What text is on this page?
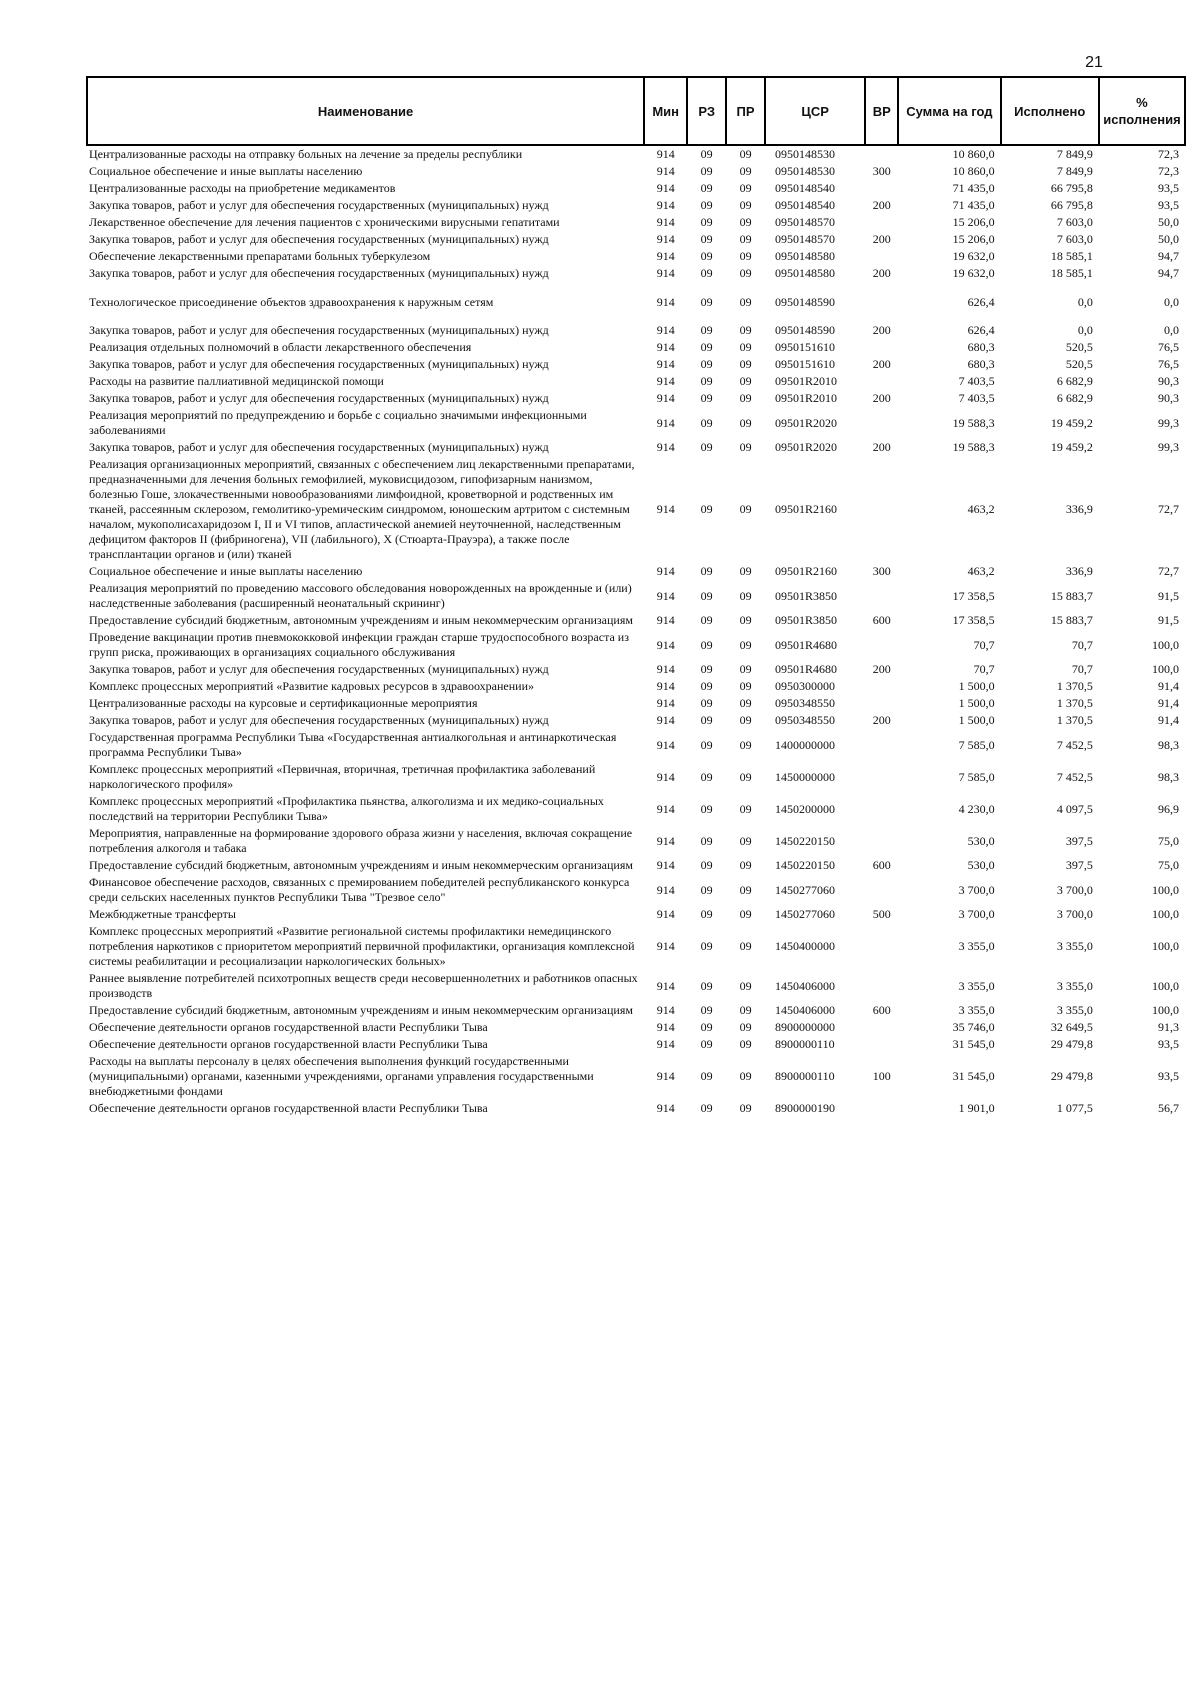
21
Наименование	Мин	РЗ	ПР	ЦСР	ВР	Сумма на год	Исполнено	% исполнения
Централизованные расходы на отправку больных на лечение за пределы республики	914	09	09	0950148530		10 860,0	7 849,9	72,3
Социальное обеспечение и иные выплаты населению	914	09	09	0950148530	300	10 860,0	7 849,9	72,3
Централизованные расходы на приобретение медикаментов	914	09	09	0950148540		71 435,0	66 795,8	93,5
Закупка товаров, работ и услуг для обеспечения государственных (муниципальных) нужд	914	09	09	0950148540	200	71 435,0	66 795,8	93,5
Лекарственное обеспечение для лечения пациентов с хроническими вирусными гепатитами	914	09	09	0950148570		15 206,0	7 603,0	50,0
Закупка товаров, работ и услуг для обеспечения государственных (муниципальных) нужд	914	09	09	0950148570	200	15 206,0	7 603,0	50,0
Обеспечение лекарственными препаратами больных туберкулезом	914	09	09	0950148580		19 632,0	18 585,1	94,7
Закупка товаров, работ и услуг для обеспечения государственных (муниципальных) нужд	914	09	09	0950148580	200	19 632,0	18 585,1	94,7
Технологическое присоединение объектов здравоохранения к наружным сетям	914	09	09	0950148590		626,4	0,0	0,0
Закупка товаров, работ и услуг для обеспечения государственных (муниципальных) нужд	914	09	09	0950148590	200	626,4	0,0	0,0
Реализация отдельных полномочий в области лекарственного обеспечения	914	09	09	0950151610		680,3	520,5	76,5
Закупка товаров, работ и услуг для обеспечения государственных (муниципальных) нужд	914	09	09	0950151610	200	680,3	520,5	76,5
Расходы на развитие паллиативной медицинской помощи	914	09	09	09501R2010		7 403,5	6 682,9	90,3
Закупка товаров, работ и услуг для обеспечения государственных (муниципальных) нужд	914	09	09	09501R2010	200	7 403,5	6 682,9	90,3
Реализация мероприятий по предупреждению и борьбе с социально значимыми инфекционными заболеваниями	914	09	09	09501R2020		19 588,3	19 459,2	99,3
Закупка товаров, работ и услуг для обеспечения государственных (муниципальных) нужд	914	09	09	09501R2020	200	19 588,3	19 459,2	99,3
Реализация организационных мероприятий, связанных с обеспечением лиц лекарственными препаратами, предназначенными для лечения больных гемофилией, муковисцидозом, гипофизарным нанизмом, болезнью Гоше, злокачественными новообразованиями лимфоидной, кроветворной и родственных им тканей, рассеянным склерозом, гемолитико-уремическим синдромом, юношеским артритом с системным началом, мукополисахаридозом I, II и VI типов, апластической анемией неуточненной, наследственным дефицитом факторов II (фибриногена), VII (лабильного), X (Стюарта-Прауэра), а также после трансплантации органов и (или) тканей	914	09	09	09501R2160		463,2	336,9	72,7
Социальное обеспечение и иные выплаты населению	914	09	09	09501R2160	300	463,2	336,9	72,7
Реализация мероприятий по проведению массового обследования новорожденных на врожденные и (или) наследственные заболевания (расширенный неонатальный скрининг)	914	09	09	09501R3850		17 358,5	15 883,7	91,5
Предоставление субсидий бюджетным, автономным учреждениям и иным некоммерческим организациям	914	09	09	09501R3850	600	17 358,5	15 883,7	91,5
Проведение вакцинации против пневмококковой инфекции граждан старше трудоспособного возраста из групп риска, проживающих в организациях социального обслуживания	914	09	09	09501R4680		70,7	70,7	100,0
Закупка товаров, работ и услуг для обеспечения государственных (муниципальных) нужд	914	09	09	09501R4680	200	70,7	70,7	100,0
Комплекс процессных мероприятий «Развитие кадровых ресурсов в здравоохранении»	914	09	09	0950300000		1 500,0	1 370,5	91,4
Централизованные расходы на курсовые и сертификационные мероприятия	914	09	09	0950348550		1 500,0	1 370,5	91,4
Закупка товаров, работ и услуг для обеспечения государственных (муниципальных) нужд	914	09	09	0950348550	200	1 500,0	1 370,5	91,4
Государственная программа Республики Тыва «Государственная антиалкогольная и антинаркотическая программа Республики Тыва»	914	09	09	1400000000		7 585,0	7 452,5	98,3
Комплекс процессных мероприятий «Первичная, вторичная, третичная профилактика заболеваний наркологического профиля»	914	09	09	1450000000		7 585,0	7 452,5	98,3
Комплекс процессных мероприятий «Профилактика пьянства, алкоголизма и их медико-социальных последствий на территории Республики Тыва»	914	09	09	1450200000		4 230,0	4 097,5	96,9
Мероприятия, направленные на формирование здорового образа жизни у населения, включая сокращение потребления алкоголя и табака	914	09	09	1450220150		530,0	397,5	75,0
Предоставление субсидий бюджетным, автономным учреждениям и иным некоммерческим организациям	914	09	09	1450220150	600	530,0	397,5	75,0
Финансовое обеспечение расходов, связанных с премированием победителей республиканского конкурса среди сельских населенных пунктов Республики Тыва "Трезвое село"	914	09	09	1450277060		3 700,0	3 700,0	100,0
Межбюджетные трансферты	914	09	09	1450277060	500	3 700,0	3 700,0	100,0
Комплекс процессных мероприятий «Развитие региональной системы профилактики немедицинского потребления наркотиков с приоритетом мероприятий первичной профилактики, организация комплексной системы реабилитации и ресоциализации наркологических больных»	914	09	09	1450400000		3 355,0	3 355,0	100,0
Раннее выявление потребителей психотропных веществ среди несовершеннолетних и работников опасных производств	914	09	09	1450406000		3 355,0	3 355,0	100,0
Предоставление субсидий бюджетным, автономным учреждениям и иным некоммерческим организациям	914	09	09	1450406000	600	3 355,0	3 355,0	100,0
Обеспечение деятельности органов государственной власти Республики Тыва	914	09	09	8900000000		35 746,0	32 649,5	91,3
Обеспечение деятельности органов государственной власти Республики Тыва	914	09	09	8900000110		31 545,0	29 479,8	93,5
Расходы на выплаты персоналу в целях обеспечения выполнения функций государственными (муниципальными) органами, казенными учреждениями, органами управления государственными внебюджетными фондами	914	09	09	8900000110	100	31 545,0	29 479,8	93,5
Обеспечение деятельности органов государственной власти Республики Тыва	914	09	09	8900000190		1 901,0	1 077,5	56,7
